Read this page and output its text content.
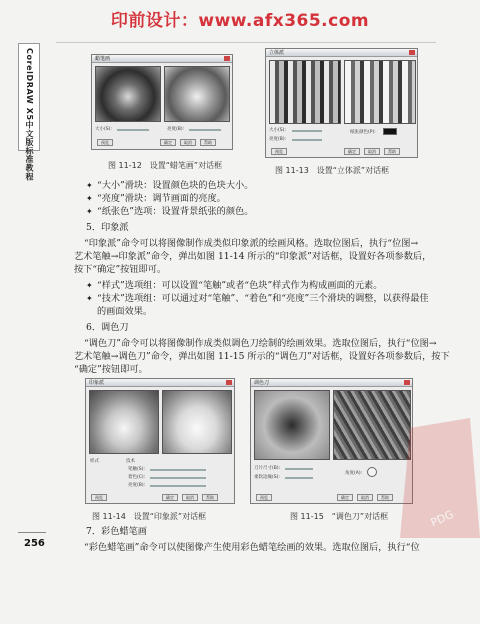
印前设计：www.afx365.com
CorelDRAW X5中文版标准教程	蜡笔画
大小(S):	亮度(B):
预览	确定	取消	帮助
图 11-12　设置“蜡笔画”对话框
立体派
大小(S):
亮度(B):
纸张颜色(P):
预览	确定	取消	帮助
图 11-13　设置“立体派”对话框
✦ “大小”滑块：设置颜色块的色块大小。
✦ “亮度”滑块：调节画面的亮度。
✦ “纸张色”选项：设置背景纸张的颜色。
5．印象派
“印象派”命令可以将图像制作成类似印象派的绘画风格。选取位图后，执行“位图→
艺术笔触→印象派”命令，弹出如图 11-14 所示的“印象派”对话框，设置好各项参数后，
按下“确定”按钮即可。
✦ “样式”选项组：可以设置“笔触”或者“色块”样式作为构成画面的元素。
✦ “技术”选项组：可以通过对“笔触”、“着色”和“亮度”三个滑块的调整，以获得最佳
的画面效果。
6．调色刀
“调色刀”命令可以将图像制作成类似调色刀绘制的绘画效果。选取位图后，执行“位图→
艺术笔触→调色刀”命令，弹出如图 11-15 所示的“调色刀”对话框，设置好各项参数后，按下
“确定”按钮即可。
印象派
样式	技术
笔触(S):
着色(C):
亮度(B):
预览	确定	取消	帮助
图 11-14　设置“印象派”对话框
调色刀
刀片尺寸(B):
柔软边缘(S):
角度(A):
预览	确定	取消	帮助
图 11-15　“调色刀”对话框
7．彩色蜡笔画
“彩色蜡笔画”命令可以使图像产生使用彩色蜡笔绘画的效果。选取位图后，执行“位
256
PDG
